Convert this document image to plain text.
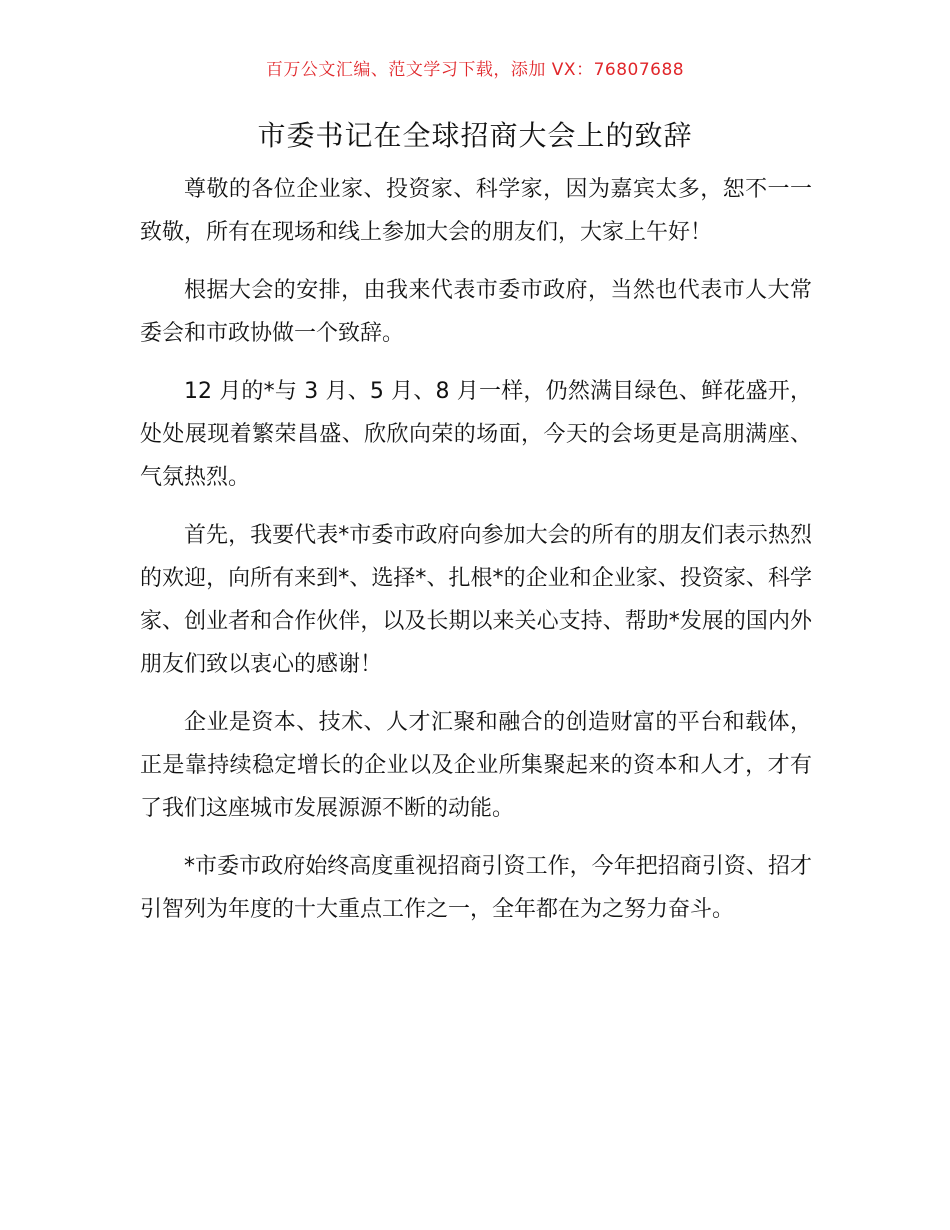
百万公文汇编、范文学习下载，添加 VX：76807688
市委书记在全球招商大会上的致辞

尊敬的各位企业家、投资家、科学家，因为嘉宾太多，恕不一一致敬，所有在现场和线上参加大会的朋友们，大家上午好！

根据大会的安排，由我来代表市委市政府，当然也代表市人大常委会和市政协做一个致辞。

12 月的*与 3 月、5 月、8 月一样，仍然满目绿色、鲜花盛开，处处展现着繁荣昌盛、欣欣向荣的场面，今天的会场更是高朋满座、气氛热烈。

首先，我要代表*市委市政府向参加大会的所有的朋友们表示热烈的欢迎，向所有来到*、选择*、扎根*的企业和企业家、投资家、科学家、创业者和合作伙伴，以及长期以来关心支持、帮助*发展的国内外朋友们致以衷心的感谢！

企业是资本、技术、人才汇聚和融合的创造财富的平台和载体，正是靠持续稳定增长的企业以及企业所集聚起来的资本和人才，才有了我们这座城市发展源源不断的动能。

*市委市政府始终高度重视招商引资工作，今年把招商引资、招才引智列为年度的十大重点工作之一，全年都在为之努力奋斗。
